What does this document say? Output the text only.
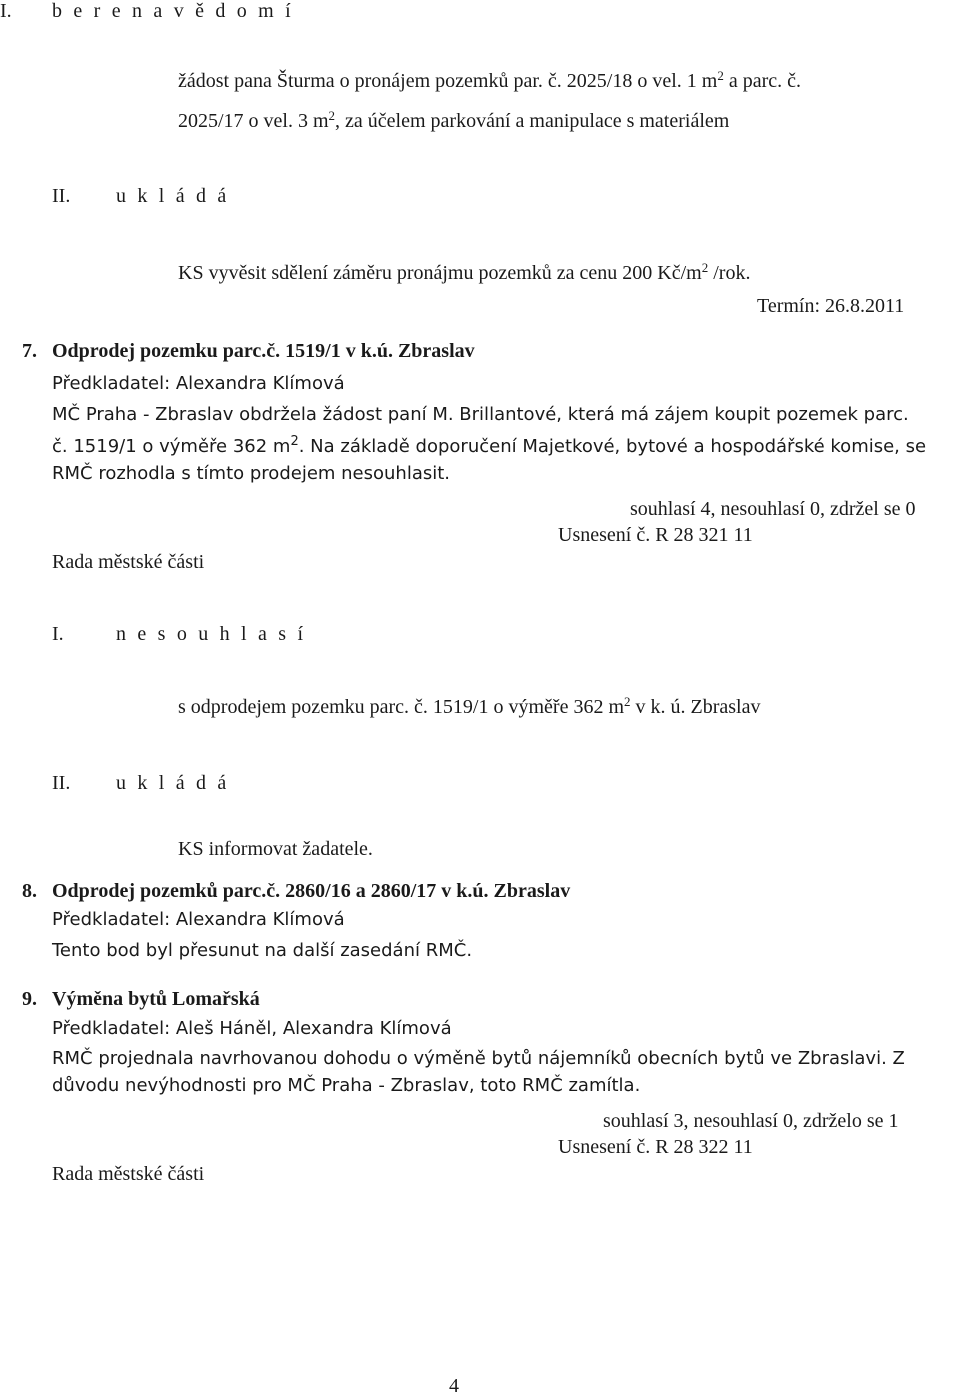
I. b e r e n a v ě d o m í
žádost pana Šturma o pronájem pozemků par. č. 2025/18 o vel. 1 $m^2$ a parc. č.
2025/17 o vel. 3 $m^2$, za účelem parkování a manipulace s materiálem
II. u k l á d á
KS vyvěsit sdělení záměru pronájmu pozemků za cenu 200 $Kč/m^2$ /rok.
Termín: 26.8.2011
7.   Odprodej pozemku parc.č. 1519/1 v k.ú. Zbraslav
Předkladatel: Alexandra Klímová
MČ Praha - Zbraslav obdržela žádost paní M. Brillantové, která má zájem koupit pozemek parc.
č. 1519/1 o výměře 362 $m^2$. Na základě doporučení Majetkové, bytové a hospodářské komise, se
RMČ rozhodla s tímto prodejem nesouhlasit.
souhlasí 4, nesouhlasí 0, zdržel se 0
Usnesení č. R 28 321 11
Rada městské části
I.	n e s o u h l a s í
s odprodejem pozemku parc. č. 1519/1 o výměře 362 $m^2$ v k. ú. Zbraslav
II. u k l á d á
KS informovat žadatele.
8.   Odprodej pozemků parc.č. 2860/16 a 2860/17 v k.ú. Zbraslav
Předkladatel: Alexandra Klímová
Tento bod byl přesunut na další zasedání RMČ.
9.   Výměna bytů Lomařská
Předkladatel: Aleš Háněl, Alexandra Klímová
RMČ projednala navrhovanou dohodu o výměně bytů nájemníků obecních bytů ve Zbraslavi. Z
důvodu nevýhodnosti pro MČ Praha - Zbraslav, toto RMČ zamítla.
souhlasí 3, nesouhlasí 0, zdrželo se 1
Usnesení č. R 28 322 11
Rada městské části
4
